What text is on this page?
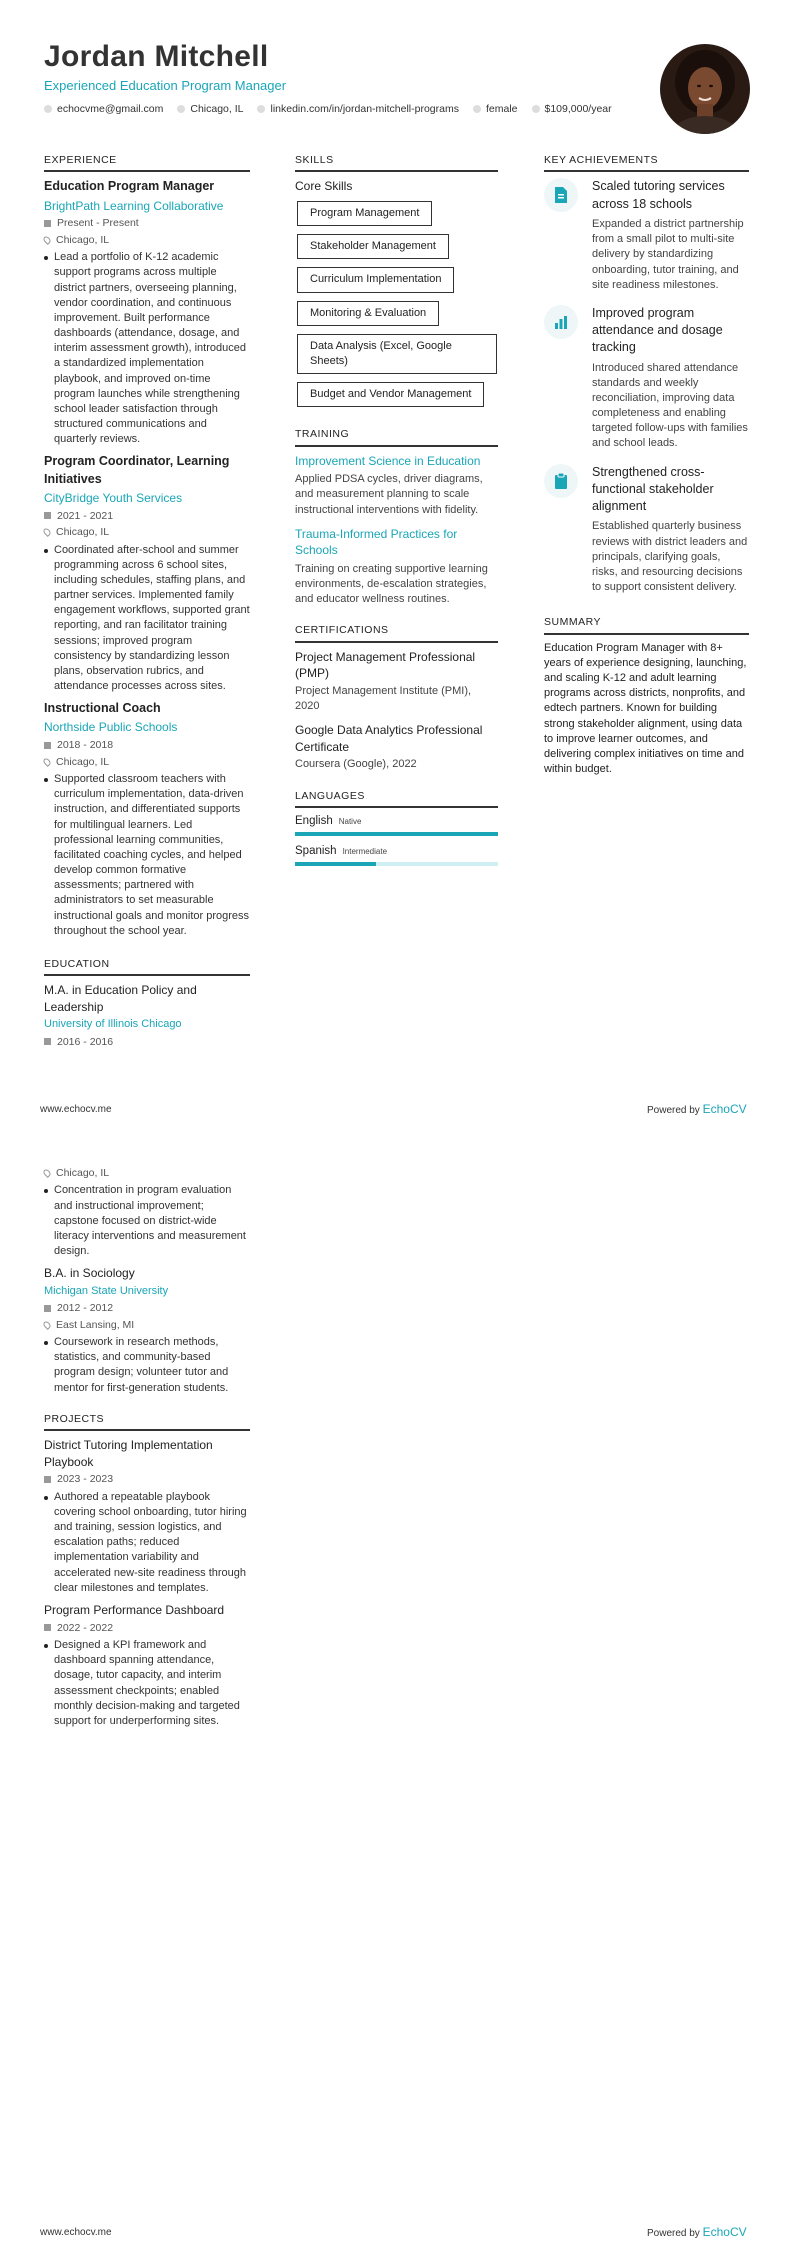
Jordan Mitchell
Experienced Education Program Manager
echocvme@gmail.com	Chicago, IL	linkedin.com/in/jordan-mitchell-programs	female	$109,000/year
EXPERIENCE
Education Program Manager
BrightPath Learning Collaborative
Present - Present
Chicago, IL
Lead a portfolio of K-12 academic support programs across multiple district partners, overseeing planning, vendor coordination, and continuous improvement. Built performance dashboards (attendance, dosage, and interim assessment growth), introduced a standardized implementation playbook, and improved on-time program launches while strengthening school leader satisfaction through structured communications and quarterly reviews.
Program Coordinator, Learning Initiatives
CityBridge Youth Services
2021 - 2021
Chicago, IL
Coordinated after-school and summer programming across 6 school sites, including schedules, staffing plans, and partner services. Implemented family engagement workflows, supported grant reporting, and ran facilitator training sessions; improved program consistency by standardizing lesson plans, observation rubrics, and attendance processes across sites.
Instructional Coach
Northside Public Schools
2018 - 2018
Chicago, IL
Supported classroom teachers with curriculum implementation, data-driven instruction, and differentiated supports for multilingual learners. Led professional learning communities, facilitated coaching cycles, and helped develop common formative assessments; partnered with administrators to set measurable instructional goals and monitor progress throughout the school year.
EDUCATION
M.A. in Education Policy and Leadership
University of Illinois Chicago
2016 - 2016
SKILLS
Core Skills
Program Management
Stakeholder Management
Curriculum Implementation
Monitoring & Evaluation
Data Analysis (Excel, Google Sheets)
Budget and Vendor Management
TRAINING
Improvement Science in Education
Applied PDSA cycles, driver diagrams, and measurement planning to scale instructional interventions with fidelity.
Trauma-Informed Practices for Schools
Training on creating supportive learning environments, de-escalation strategies, and educator wellness routines.
CERTIFICATIONS
Project Management Professional (PMP)
Project Management Institute (PMI), 2020
Google Data Analytics Professional Certificate
Coursera (Google), 2022
LANGUAGES
English Native
Spanish Intermediate
KEY ACHIEVEMENTS
Scaled tutoring services across 18 schools
Expanded a district partnership from a small pilot to multi-site delivery by standardizing onboarding, tutor training, and site readiness milestones.
Improved program attendance and dosage tracking
Introduced shared attendance standards and weekly reconciliation, improving data completeness and enabling targeted follow-ups with families and school leads.
Strengthened cross-functional stakeholder alignment
Established quarterly business reviews with district leaders and principals, clarifying goals, risks, and resourcing decisions to support consistent delivery.
SUMMARY
Education Program Manager with 8+ years of experience designing, launching, and scaling K-12 and adult learning programs across districts, nonprofits, and edtech partners. Known for building strong stakeholder alignment, using data to improve learner outcomes, and delivering complex initiatives on time and within budget.
www.echocv.me	Powered by EchoCV
Chicago, IL
Concentration in program evaluation and instructional improvement; capstone focused on district-wide literacy interventions and measurement design.
B.A. in Sociology
Michigan State University
2012 - 2012
East Lansing, MI
Coursework in research methods, statistics, and community-based program design; volunteer tutor and mentor for first-generation students.
PROJECTS
District Tutoring Implementation Playbook
2023 - 2023
Authored a repeatable playbook covering school onboarding, tutor hiring and training, session logistics, and escalation paths; reduced implementation variability and accelerated new-site readiness through clear milestones and templates.
Program Performance Dashboard
2022 - 2022
Designed a KPI framework and dashboard spanning attendance, dosage, tutor capacity, and interim assessment checkpoints; enabled monthly decision-making and targeted support for underperforming sites.
www.echocv.me	Powered by EchoCV
